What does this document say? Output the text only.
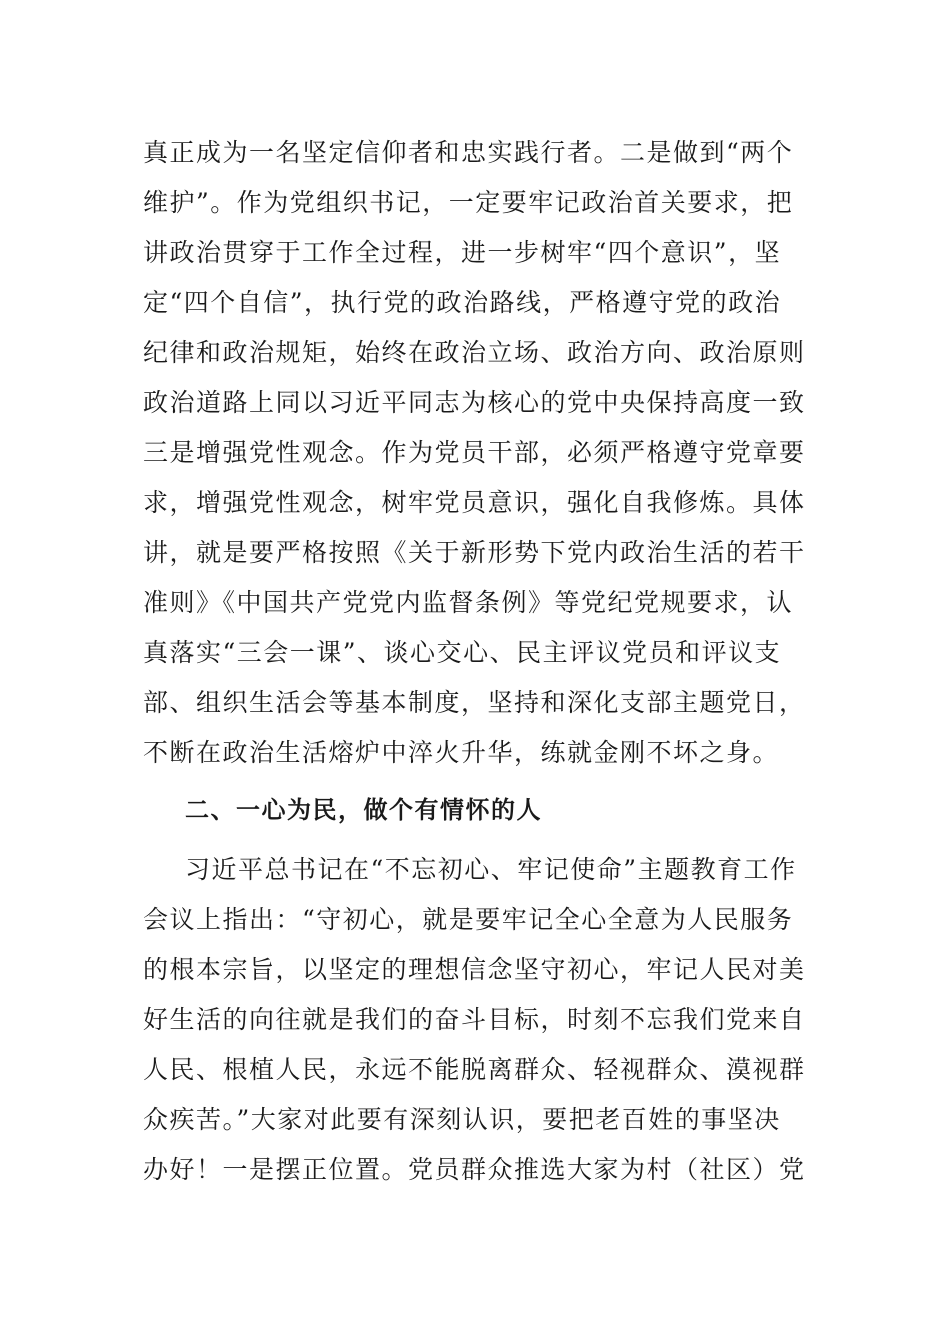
真正成为一名坚定信仰者和忠实践行者。二是做到“两个
维护”。作为党组织书记，一定要牢记政治首关要求，把
讲政治贯穿于工作全过程，进一步树牢“四个意识”，坚
定“四个自信”，执行党的政治路线，严格遵守党的政治
纪律和政治规矩，始终在政治立场、政治方向、政治原则
政治道路上同以习近平同志为核心的党中央保持高度一致
三是增强党性观念。作为党员干部，必须严格遵守党章要
求，增强党性观念，树牢党员意识，强化自我修炼。具体
讲，就是要严格按照《关于新形势下党内政治生活的若干
准则》《中国共产党党内监督条例》等党纪党规要求，认
真落实“三会一课”、谈心交心、民主评议党员和评议支
部、组织生活会等基本制度，坚持和深化支部主题党日，
不断在政治生活熔炉中淬火升华，练就金刚不坏之身。
二、一心为民，做个有情怀的人
习近平总书记在“不忘初心、牢记使命”主题教育工作
会议上指出：“守初心，就是要牢记全心全意为人民服务
的根本宗旨，以坚定的理想信念坚守初心，牢记人民对美
好生活的向往就是我们的奋斗目标，时刻不忘我们党来自
人民、根植人民，永远不能脱离群众、轻视群众、漠视群
众疾苦。”大家对此要有深刻认识，要把老百姓的事坚决
办好！一是摆正位置。党员群众推选大家为村（社区）党
